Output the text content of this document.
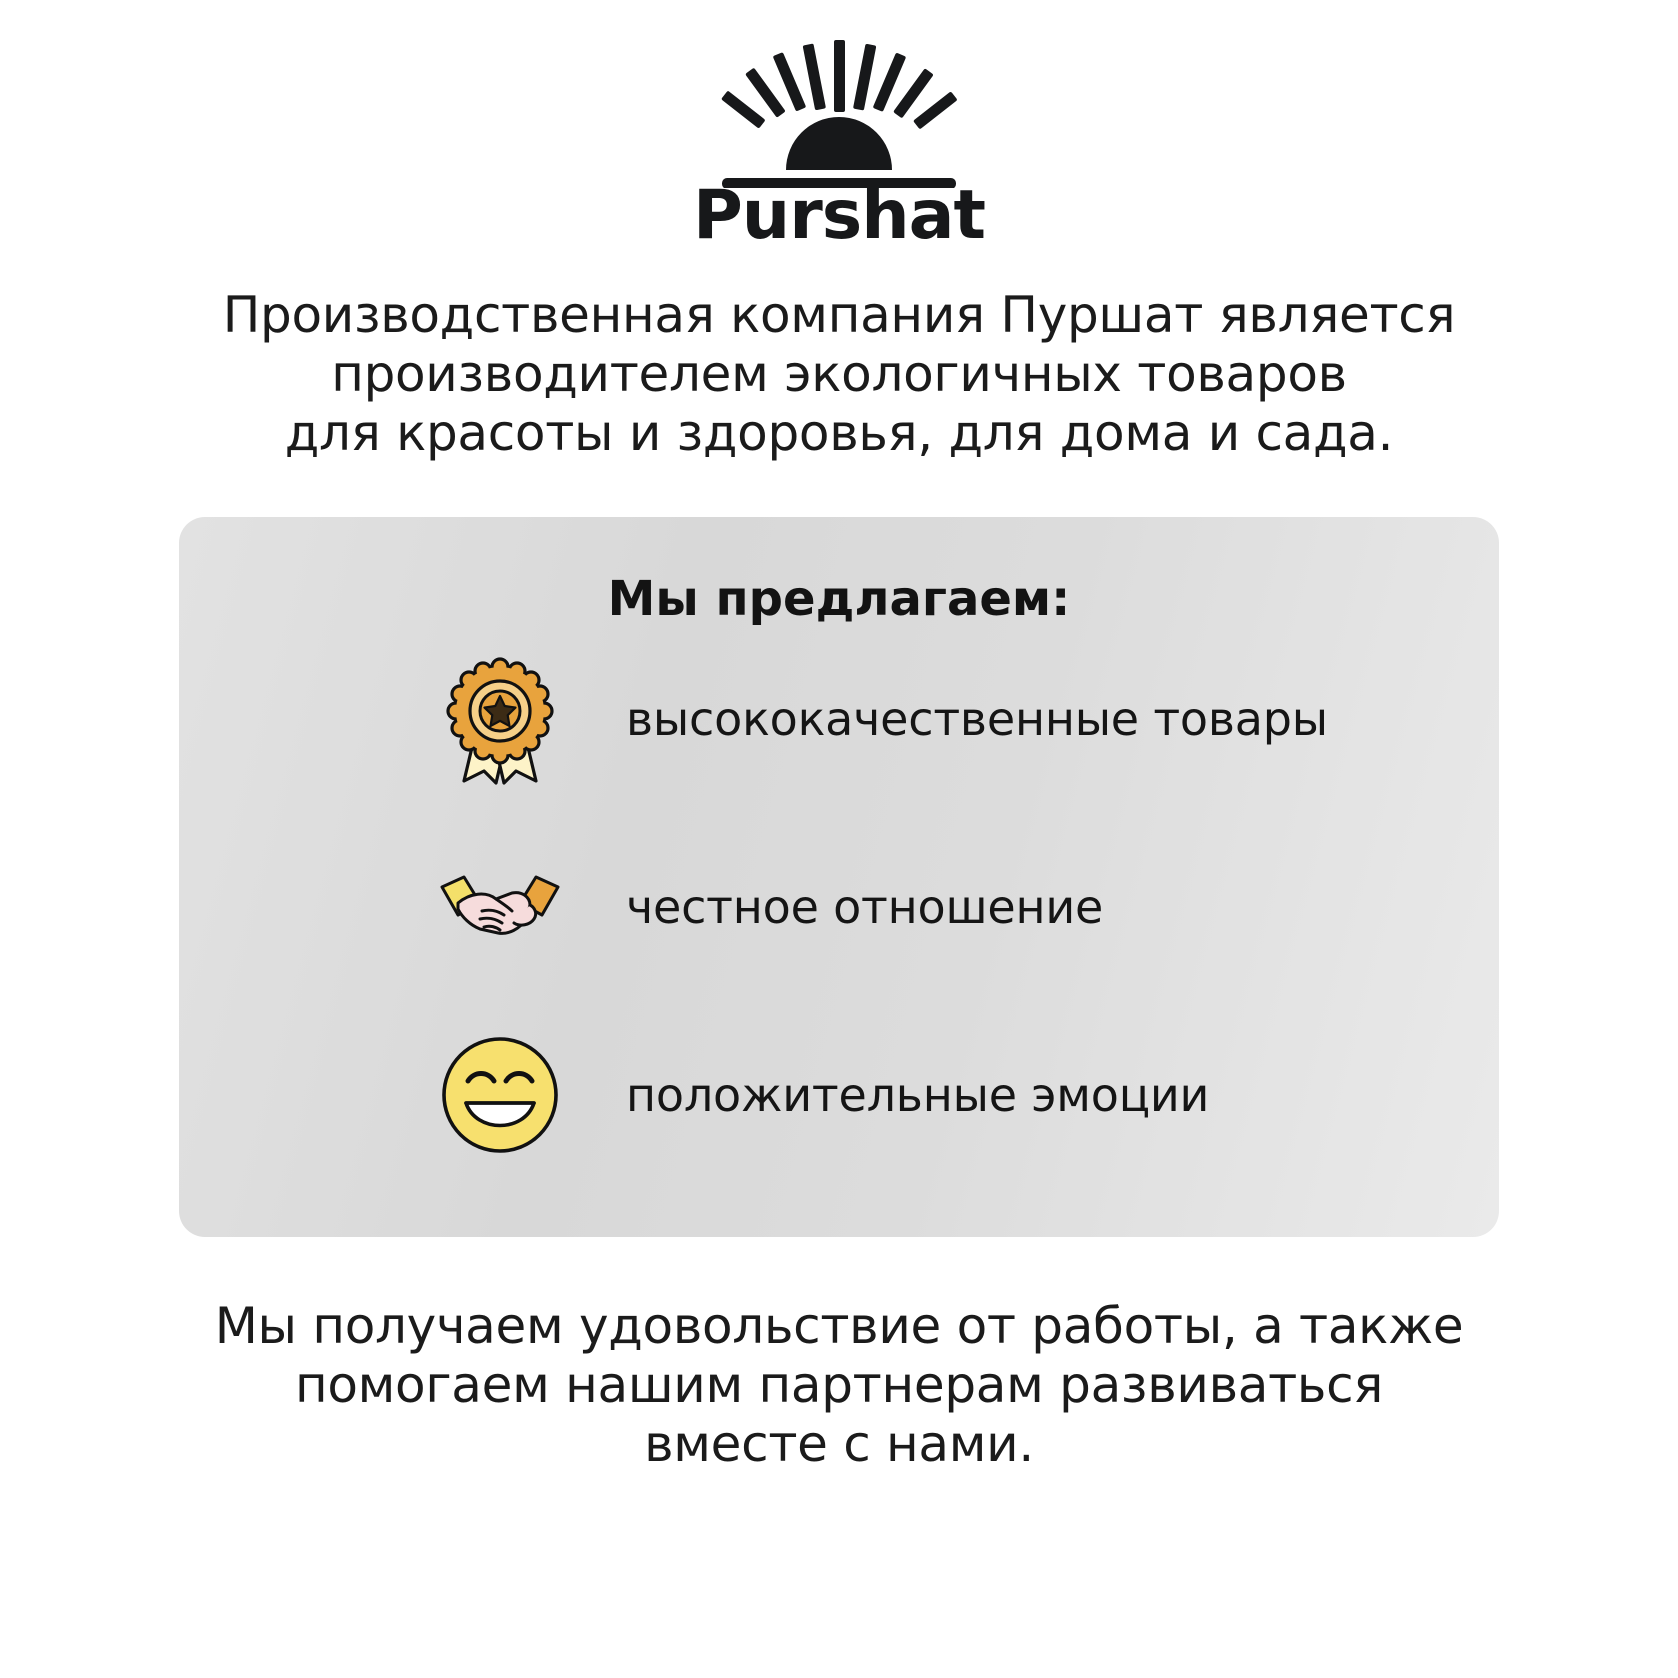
Purshat
Производственная компания Пуршат является
производителем экологичных товаров
для красоты и здоровья, для дома и сада.
Мы предлагаем:
высококачественные товары
честное отношение
положительные эмоции
Мы получаем удовольствие от работы, а также
помогаем нашим партнерам развиваться
вместе с нами.
